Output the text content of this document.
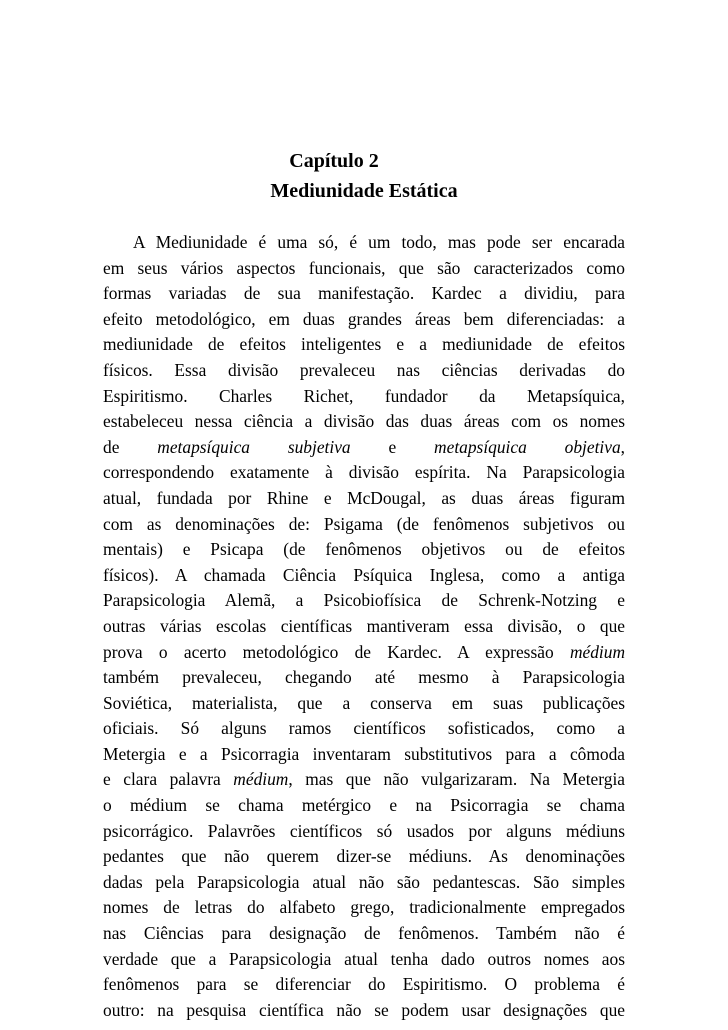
Capítulo 2
Mediunidade Estática
A Mediunidade é uma só, é um todo, mas pode ser encarada
em seus vários aspectos funcionais, que são caracterizados como
formas variadas de sua manifestação. Kardec a dividiu, para
efeito metodológico, em duas grandes áreas bem diferenciadas: a
mediunidade de efeitos inteligentes e a mediunidade de efeitos
físicos. Essa divisão prevaleceu nas ciências derivadas do
Espiritismo. Charles Richet, fundador da Metapsíquica,
estabeleceu nessa ciência a divisão das duas áreas com os nomes
de metapsíquica subjetiva e metapsíquica objetiva,
correspondendo exatamente à divisão espírita. Na Parapsicologia
atual, fundada por Rhine e McDougal, as duas áreas figuram
com as denominações de: Psigama (de fenômenos subjetivos ou
mentais) e Psicapa (de fenômenos objetivos ou de efeitos
físicos). A chamada Ciência Psíquica Inglesa, como a antiga
Parapsicologia Alemã, a Psicobiofísica de Schrenk-Notzing e
outras várias escolas científicas mantiveram essa divisão, o que
prova o acerto metodológico de Kardec. A expressão médium
também prevaleceu, chegando até mesmo à Parapsicologia
Soviética, materialista, que a conserva em suas publicações
oficiais. Só alguns ramos científicos sofisticados, como a
Metergia e a Psicorragia inventaram substitutivos para a cômoda
e clara palavra médium, mas que não vulgarizaram. Na Metergia
o médium se chama metérgico e na Psicorragia se chama
psicorrágico. Palavrões científicos só usados por alguns médiuns
pedantes que não querem dizer-se médiuns. As denominações
dadas pela Parapsicologia atual não são pedantescas. São simples
nomes de letras do alfabeto grego, tradicionalmente empregados
nas Ciências para designação de fenômenos. Também não é
verdade que a Parapsicologia atual tenha dado outros nomes aos
fenômenos para se diferenciar do Espiritismo. O problema é
outro: na pesquisa científica não se podem usar designações que
